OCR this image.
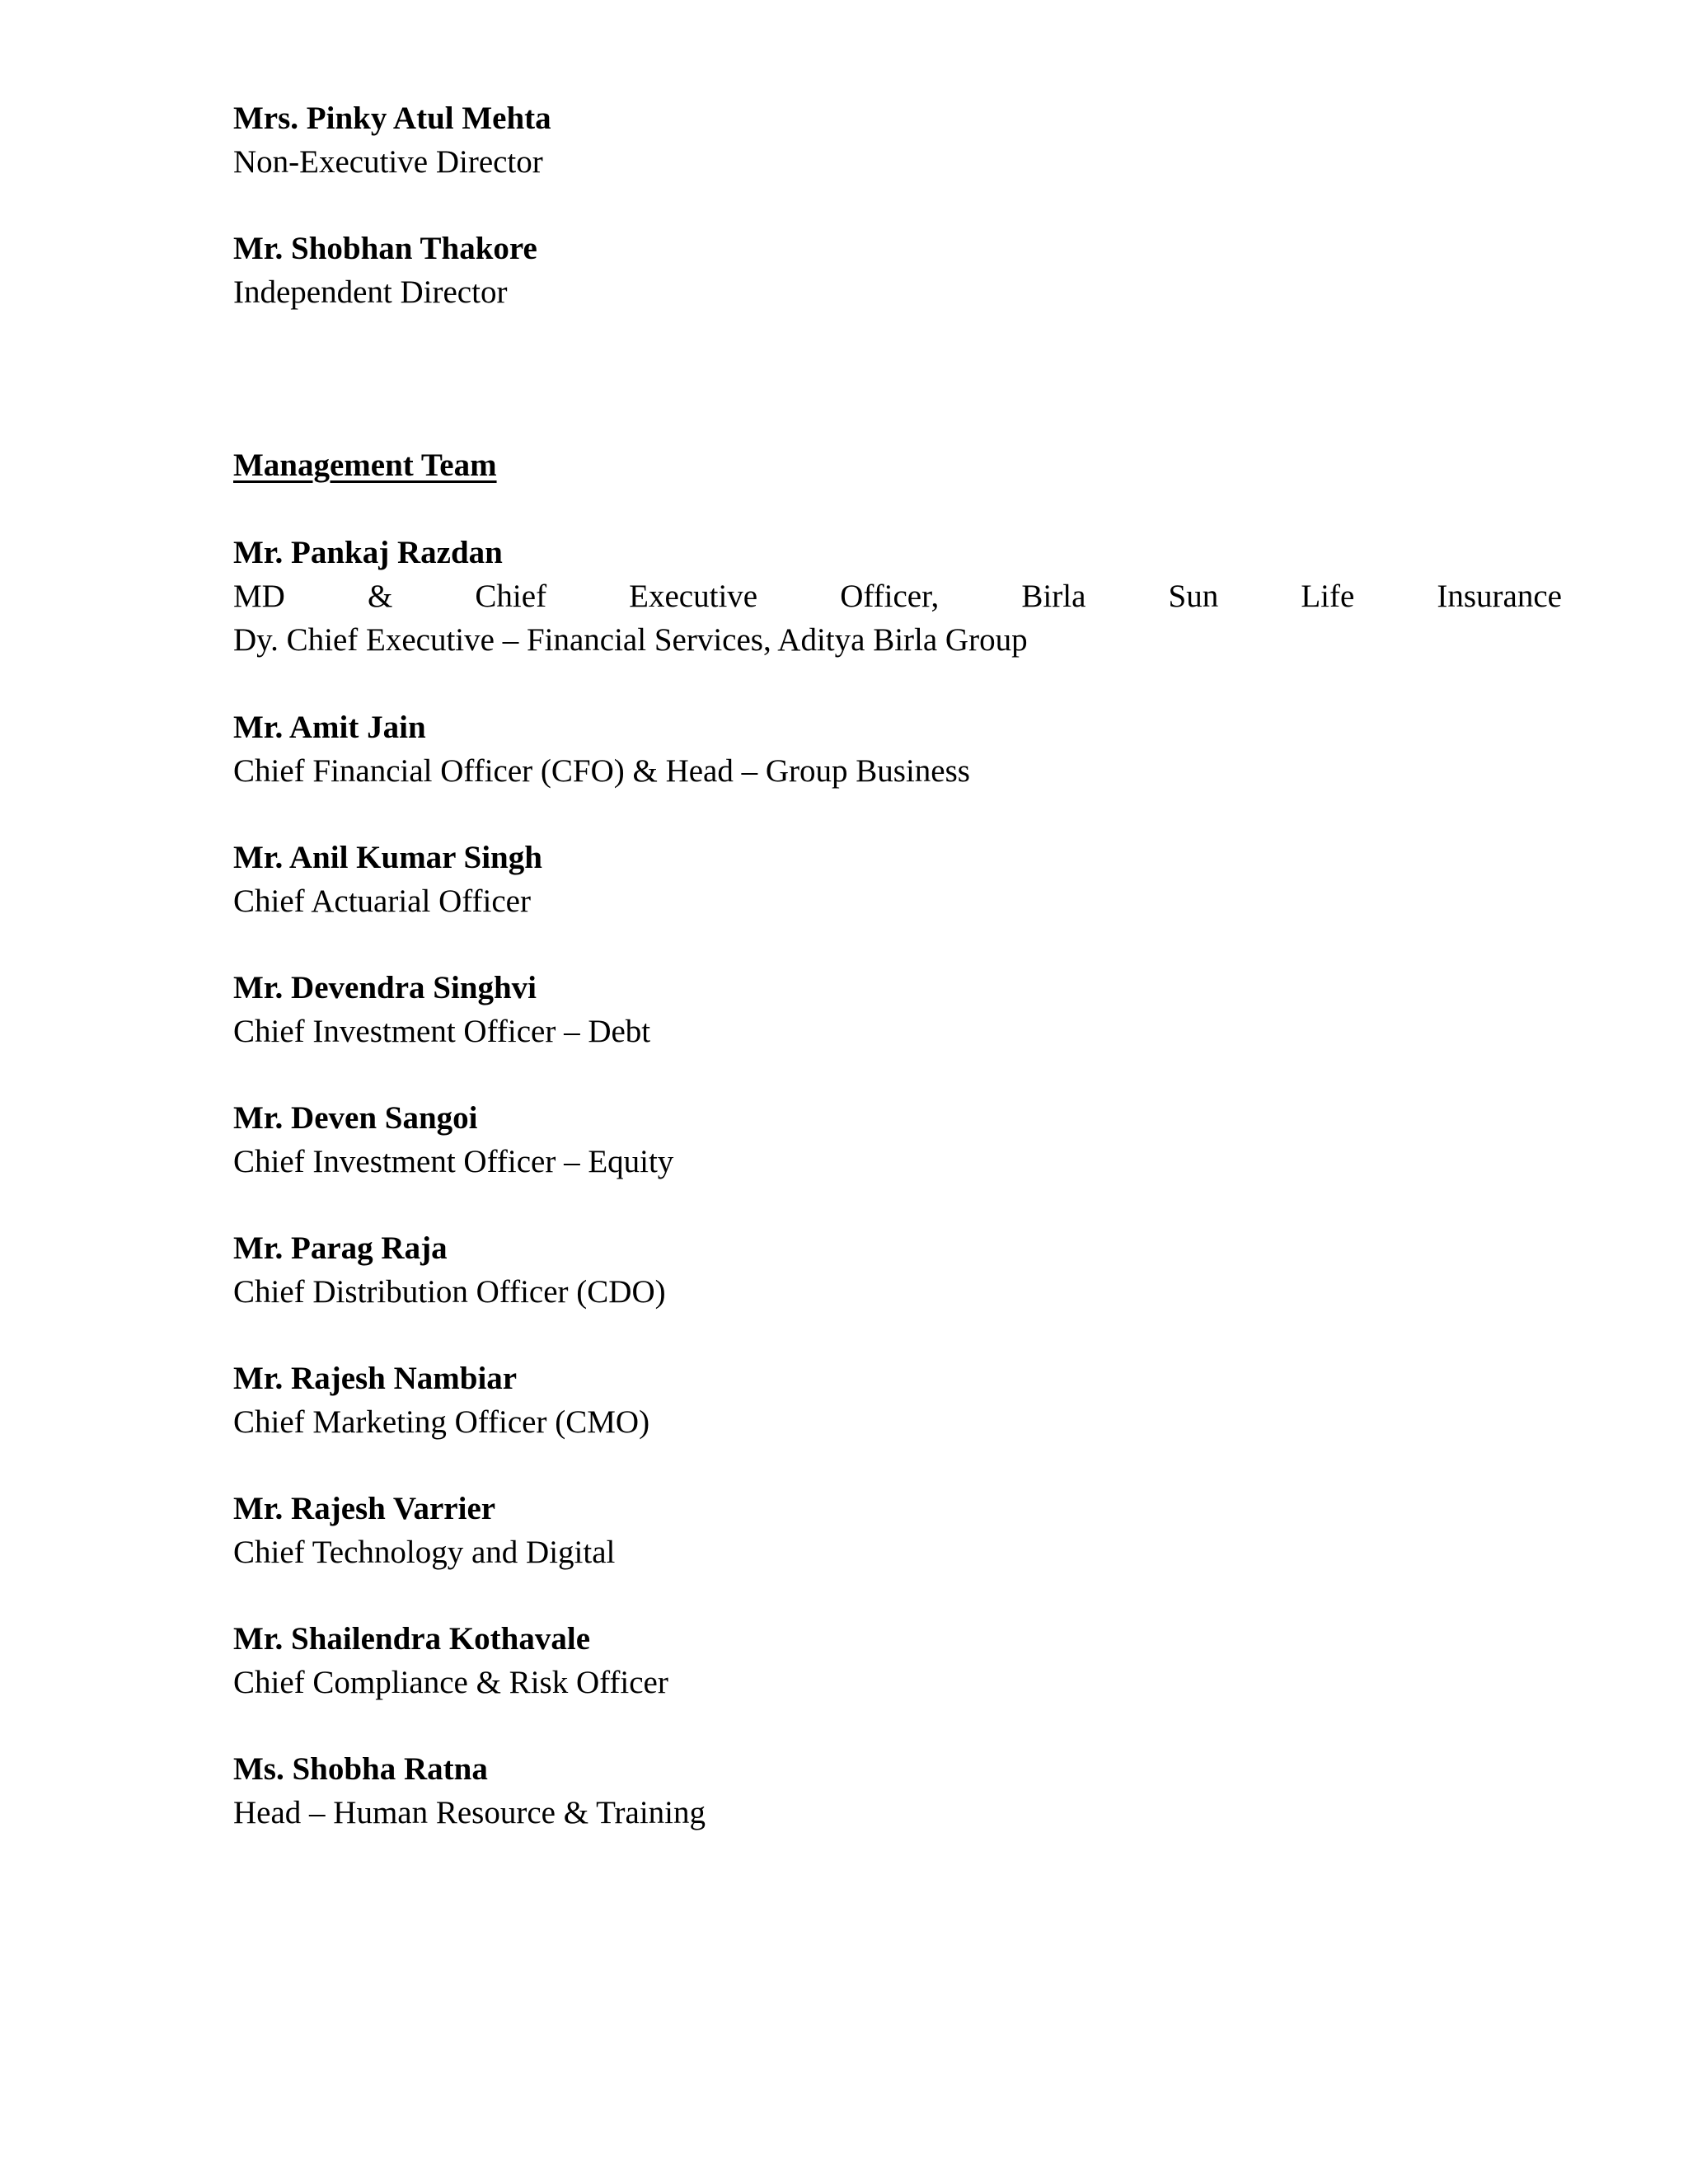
Mrs. Pinky Atul Mehta
Non-Executive Director
Mr. Shobhan Thakore
Independent Director
Management Team
Mr. Pankaj Razdan
MD	&	Chief	Executive	Officer,	Birla	Sun	Life	Insurance
Dy. Chief Executive – Financial Services, Aditya Birla Group
Mr. Amit Jain
Chief Financial Officer (CFO) & Head – Group Business
Mr. Anil Kumar Singh
Chief Actuarial Officer
Mr. Devendra Singhvi
Chief Investment Officer – Debt
Mr. Deven Sangoi
Chief Investment Officer – Equity
Mr. Parag Raja
Chief Distribution Officer (CDO)
Mr. Rajesh Nambiar
Chief Marketing Officer (CMO)
Mr. Rajesh Varrier
Chief Technology and Digital
Mr. Shailendra Kothavale
Chief Compliance & Risk Officer
Ms. Shobha Ratna
Head – Human Resource & Training
